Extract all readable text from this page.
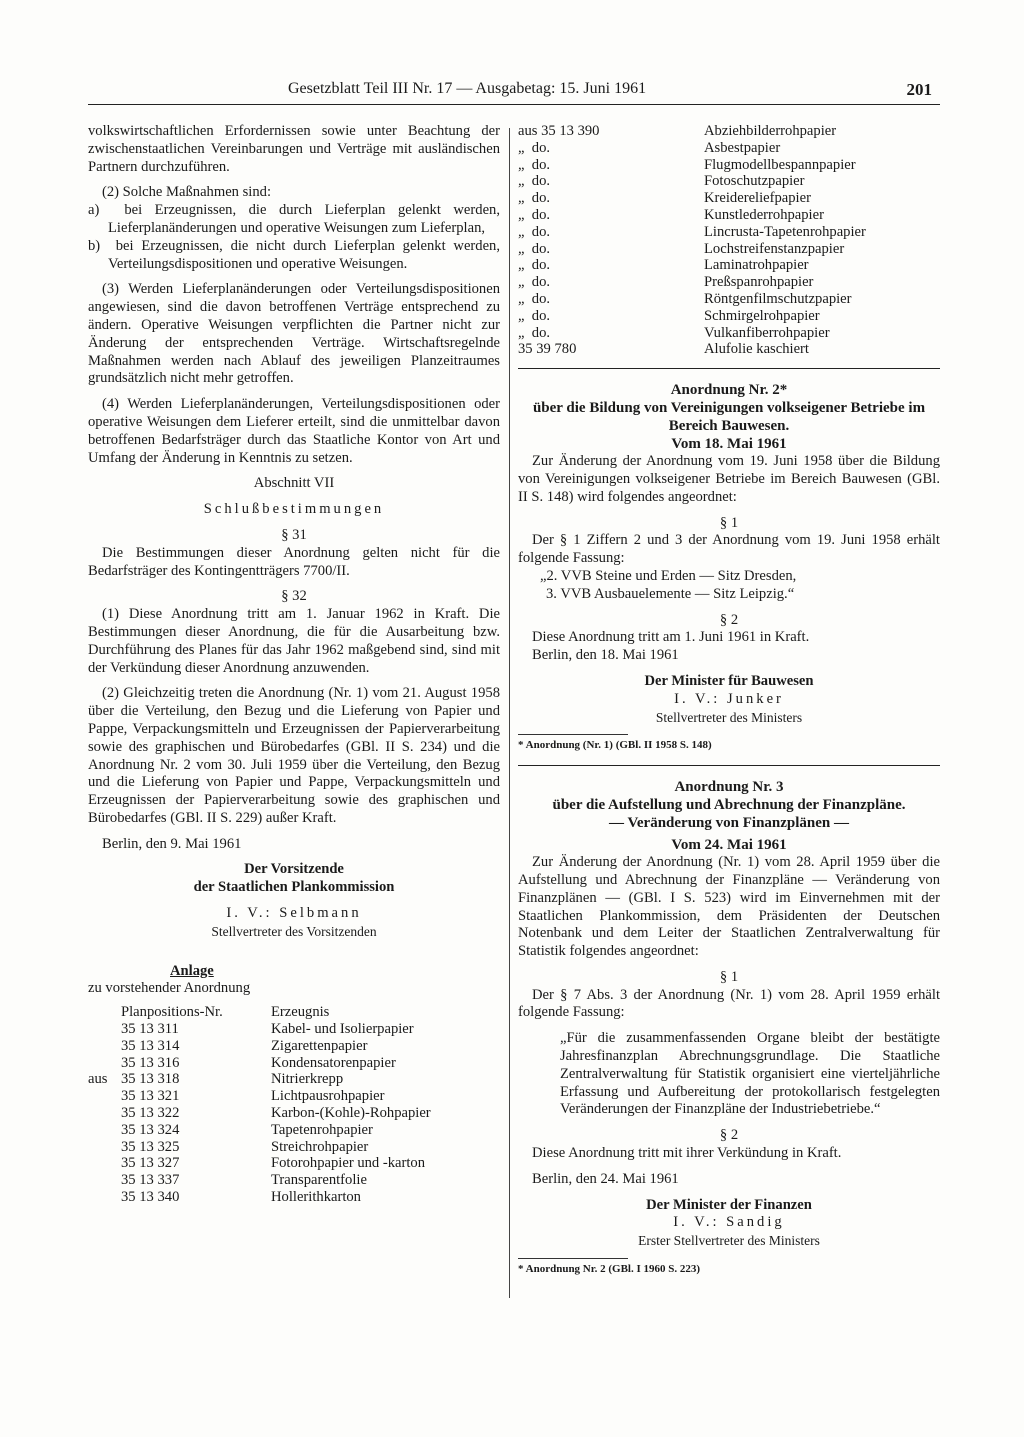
Gesetzblatt Teil III Nr. 17 — Ausgabetag: 15. Juni 1961	201

volkswirtschaftlichen Erfordernissen sowie unter Beachtung der zwischenstaatlichen Vereinbarungen und Verträge mit ausländischen Partnern durchzuführen.

(2) Solche Maßnahmen sind:

a) bei Erzeugnissen, die durch Lieferplan gelenkt werden, Lieferplanänderungen und operative Weisungen zum Lieferplan,

b) bei Erzeugnissen, die nicht durch Lieferplan gelenkt werden, Verteilungsdispositionen und operative Weisungen.

(3) Werden Lieferplanänderungen oder Verteilungsdispositionen angewiesen, sind die davon betroffenen Verträge entsprechend zu ändern. Operative Weisungen verpflichten die Partner nicht zur Änderung der entsprechenden Verträge. Wirtschaftsregelnde Maßnahmen werden nach Ablauf des jeweiligen Planzeitraumes grundsätzlich nicht mehr getroffen.

(4) Werden Lieferplanänderungen, Verteilungsdispositionen oder operative Weisungen dem Lieferer erteilt, sind die unmittelbar davon betroffenen Bedarfsträger durch das Staatliche Kontor von Art und Umfang der Änderung in Kenntnis zu setzen.

Abschnitt VII

Schlußbestimmungen

§ 31

Die Bestimmungen dieser Anordnung gelten nicht für die Bedarfsträger des Kontingentträgers 7700/II.

§ 32

(1) Diese Anordnung tritt am 1. Januar 1962 in Kraft. Die Bestimmungen dieser Anordnung, die für die Ausarbeitung bzw. Durchführung des Planes für das Jahr 1962 maßgebend sind, sind mit der Verkündung dieser Anordnung anzuwenden.

(2) Gleichzeitig treten die Anordnung (Nr. 1) vom 21. August 1958 über die Verteilung, den Bezug und die Lieferung von Papier und Pappe, Verpackungsmitteln und Erzeugnissen der Papierverarbeitung sowie des graphischen und Bürobedarfes (GBl. II S. 234) und die Anordnung Nr. 2 vom 30. Juli 1959 über die Verteilung, den Bezug und die Lieferung von Papier und Pappe, Verpackungsmitteln und Erzeugnissen der Papierverarbeitung sowie des graphischen und Bürobedarfes (GBl. II S. 229) außer Kraft.

Berlin, den 9. Mai 1961

Der Vorsitzende

der Staatlichen Plankommission

I. V.: Selbmann

Stellvertreter des Vorsitzenden

Anlage

zu vorstehender Anordnung

	Planpositions-Nr.	Erzeugnis
	35 13 311	Kabel- und Isolierpapier
	35 13 314	Zigarettenpapier
	35 13 316	Kondensatorenpapier
aus	35 13 318	Nitrierkrepp
	35 13 321	Lichtpausrohpapier
	35 13 322	Karbon-(Kohle)-Rohpapier
	35 13 324	Tapetenrohpapier
	35 13 325	Streichrohpapier
	35 13 327	Fotorohpapier und -karton
	35 13 337	Transparentfolie
	35 13 340	Hollerithkarton
aus 35 13 390	Abziehbilderrohpapier
„  do.	Asbestpapier
„  do.	Flugmodellbespannpapier
„  do.	Fotoschutzpapier
„  do.	Kreidereliefpapier
„  do.	Kunstlederrohpapier
„  do.	Lincrusta-Tapetenrohpapier
„  do.	Lochstreifenstanzpapier
„  do.	Laminatrohpapier
„  do.	Preßspanrohpapier
„  do.	Röntgenfilmschutzpapier
„  do.	Schmirgelrohpapier
„  do.	Vulkanfiberrohpapier
35 39 780	Alufolie kaschiert

Anordnung Nr. 2*

über die Bildung von Vereinigungen volkseigener Betriebe im Bereich Bauwesen.

Vom 18. Mai 1961

Zur Änderung der Anordnung vom 19. Juni 1958 über die Bildung von Vereinigungen volkseigener Betriebe im Bereich Bauwesen (GBl. II S. 148) wird folgendes angeordnet:

§ 1

Der § 1 Ziffern 2 und 3 der Anordnung vom 19. Juni 1958 erhält folgende Fassung:

„2. VVB Steine und Erden — Sitz Dresden,

3. VVB Ausbauelemente — Sitz Leipzig.“

§ 2

Diese Anordnung tritt am 1. Juni 1961 in Kraft.

Berlin, den 18. Mai 1961

Der Minister für Bauwesen

I. V.: Junker

Stellvertreter des Ministers

* Anordnung (Nr. 1) (GBl. II 1958 S. 148)

Anordnung Nr. 3

über die Aufstellung und Abrechnung der Finanzpläne.

— Veränderung von Finanzplänen —

Vom 24. Mai 1961

Zur Änderung der Anordnung (Nr. 1) vom 28. April 1959 über die Aufstellung und Abrechnung der Finanzpläne — Veränderung von Finanzplänen — (GBl. I S. 523) wird im Einvernehmen mit der Staatlichen Plankommission, dem Präsidenten der Deutschen Notenbank und dem Leiter der Staatlichen Zentralverwaltung für Statistik folgendes angeordnet:

§ 1

Der § 7 Abs. 3 der Anordnung (Nr. 1) vom 28. April 1959 erhält folgende Fassung:

„Für die zusammenfassenden Organe bleibt der bestätigte Jahresfinanzplan Abrechnungsgrundlage. Die Staatliche Zentralverwaltung für Statistik organisiert eine vierteljährliche Erfassung und Aufbereitung der protokollarisch festgelegten Veränderungen der Finanzpläne der Industriebetriebe.“

§ 2

Diese Anordnung tritt mit ihrer Verkündung in Kraft.

Berlin, den 24. Mai 1961

Der Minister der Finanzen

I. V.: Sandig

Erster Stellvertreter des Ministers

* Anordnung Nr. 2 (GBl. I 1960 S. 223)
